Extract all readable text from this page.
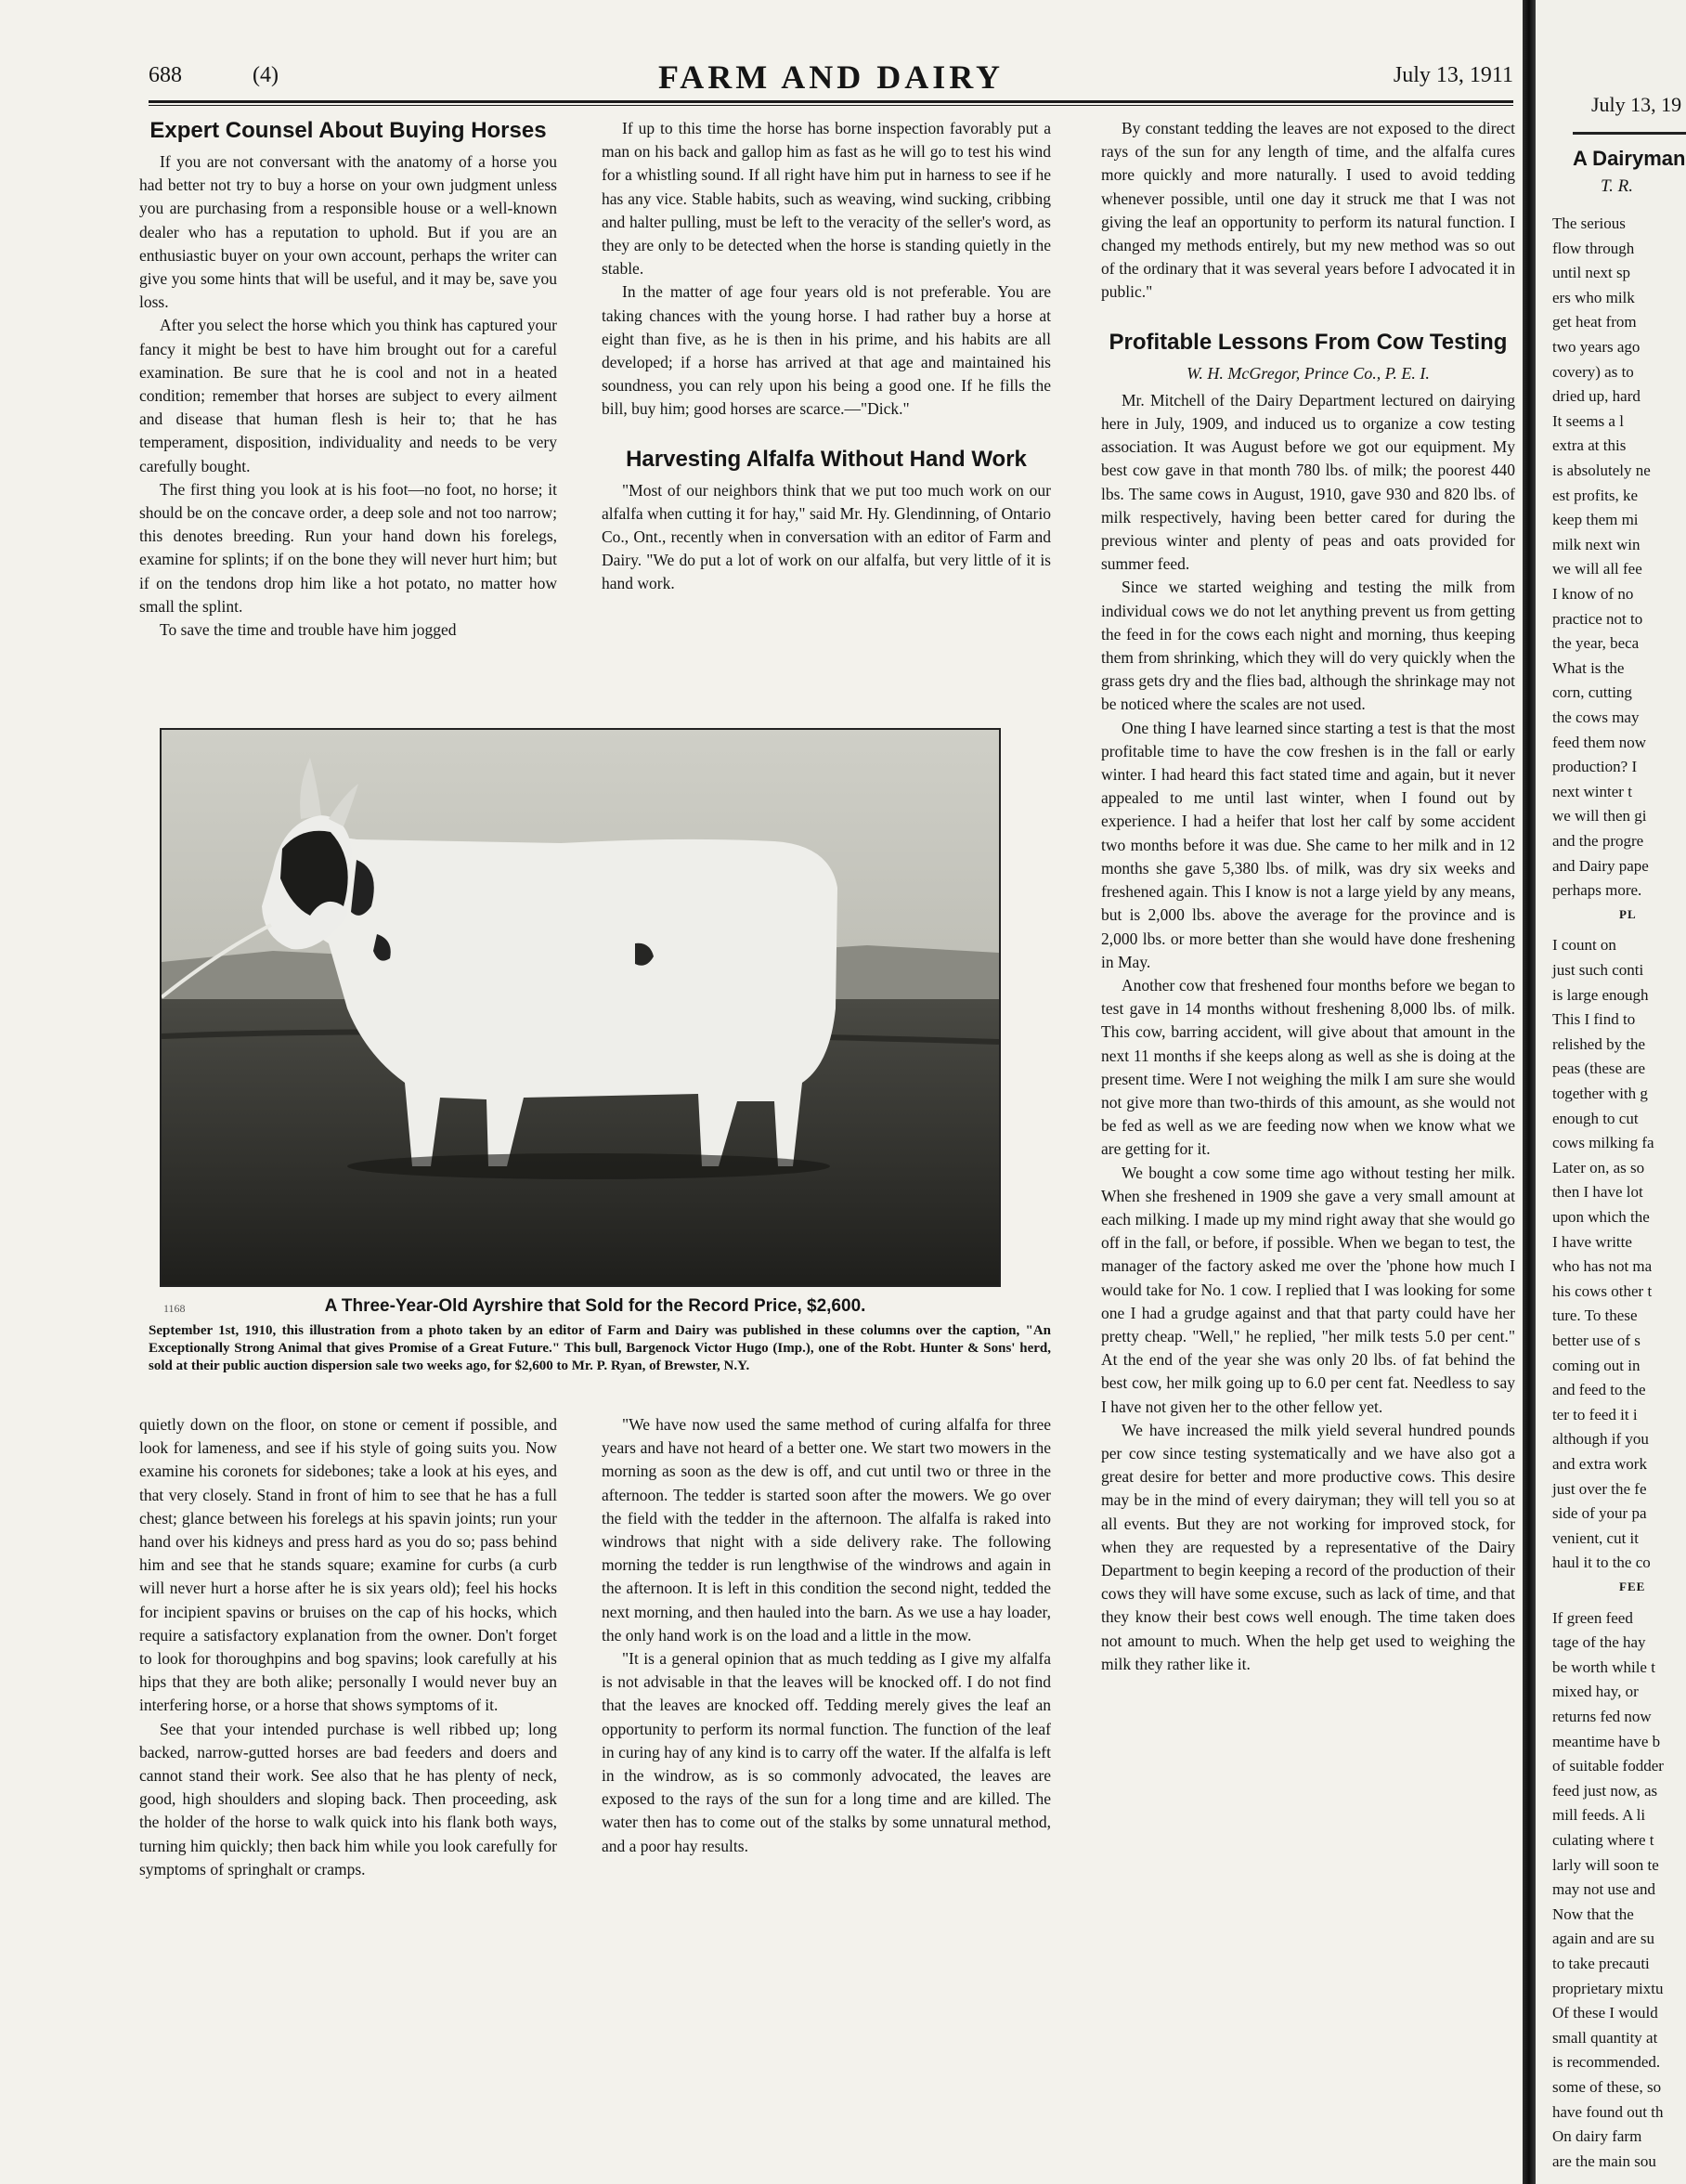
688	(4)	FARM AND DAIRY	July 13, 1911
Expert Counsel About Buying Horses

If you are not conversant with the anatomy of a horse you had better not try to buy a horse on your own judgment unless you are purchasing from a responsible house or a well-known dealer who has a reputation to uphold. But if you are an enthusiastic buyer on your own account, perhaps the writer can give you some hints that will be useful, and it may be, save you loss.

After you select the horse which you think has captured your fancy it might be best to have him brought out for a careful examination. Be sure that he is cool and not in a heated condition; remember that horses are subject to every ailment and disease that human flesh is heir to; that he has temperament, disposition, individuality and needs to be very carefully bought.

The first thing you look at is his foot—no foot, no horse; it should be on the concave order, a deep sole and not too narrow; this denotes breeding. Run your hand down his forelegs, examine for splints; if on the bone they will never hurt him; but if on the tendons drop him like a hot potato, no matter how small the splint.

To save the time and trouble have him jogged

If up to this time the horse has borne inspection favorably put a man on his back and gallop him as fast as he will go to test his wind for a whistling sound. If all right have him put in harness to see if he has any vice. Stable habits, such as weaving, wind sucking, cribbing and halter pulling, must be left to the veracity of the seller's word, as they are only to be detected when the horse is standing quietly in the stable.

In the matter of age four years old is not preferable. You are taking chances with the young horse. I had rather buy a horse at eight than five, as he is then in his prime, and his habits are all developed; if a horse has arrived at that age and maintained his soundness, you can rely upon his being a good one. If he fills the bill, buy him; good horses are scarce.—"Dick."

Harvesting Alfalfa Without Hand Work

"Most of our neighbors think that we put too much work on our alfalfa when cutting it for hay," said Mr. Hy. Glendinning, of Ontario Co., Ont., recently when in conversation with an editor of Farm and Dairy. "We do put a lot of work on our alfalfa, but very little of it is hand work.

By constant tedding the leaves are not exposed to the direct rays of the sun for any length of time, and the alfalfa cures more quickly and more naturally. I used to avoid tedding whenever possible, until one day it struck me that I was not giving the leaf an opportunity to perform its natural function. I changed my methods entirely, but my new method was so out of the ordinary that it was several years before I advocated it in public."

Profitable Lessons From Cow Testing
W. H. McGregor, Prince Co., P. E. I.

Mr. Mitchell of the Dairy Department lectured on dairying here in July, 1909, and induced us to organize a cow testing association. It was August before we got our equipment. My best cow gave in that month 780 lbs. of milk; the poorest 440 lbs. The same cows in August, 1910, gave 930 and 820 lbs. of milk respectively, having been better cared for during the previous winter and plenty of peas and oats provided for summer feed.

Since we started weighing and testing the milk from individual cows we do not let anything prevent us from getting the feed in for the cows each night and morning, thus keeping them from shrinking, which they will do very quickly when the grass gets dry and the flies bad, although the shrinkage may not be noticed where the scales are not used.

One thing I have learned since starting a test is that the most profitable time to have the cow freshen is in the fall or early winter. I had heard this fact stated time and again, but it never appealed to me until last winter, when I found out by experience. I had a heifer that lost her calf by some accident two months before it was due. She came to her milk and in 12 months she gave 5,380 lbs. of milk, was dry six weeks and freshened again. This I know is not a large yield by any means, but is 2,000 lbs. above the average for the province and is 2,000 lbs. or more better than she would have done freshening in May.

Another cow that freshened four months before we began to test gave in 14 months without freshening 8,000 lbs. of milk. This cow, barring accident, will give about that amount in the next 11 months if she keeps along as well as she is doing at the present time. Were I not weighing the milk I am sure she would not give more than two-thirds of this amount, as she would not be fed as well as we are feeding now when we know what we are getting for it.

We bought a cow some time ago without testing her milk. When she freshened in 1909 she gave a very small amount at each milking. I made up my mind right away that she would go off in the fall, or before, if possible. When we began to test, the manager of the factory asked me over the 'phone how much I would take for No. 1 cow. I replied that I was looking for some one I had a grudge against and that that party could have her pretty cheap. "Well," he replied, "her milk tests 5.0 per cent." At the end of the year she was only 20 lbs. of fat behind the best cow, her milk going up to 6.0 per cent fat. Needless to say I have not given her to the other fellow yet.

We have increased the milk yield several hundred pounds per cow since testing systematically and we have also got a great desire for better and more productive cows. This desire may be in the mind of every dairyman; they will tell you so at all events. But they are not working for improved stock, for when they are requested by a representative of the Dairy Department to begin keeping a record of the production of their cows they will have some excuse, such as lack of time, and that they know their best cows well enough. The time taken does not amount to much. When the help get used to weighing the milk they rather like it.

1168	A Three-Year-Old Ayrshire that Sold for the Record Price, $2,600.
September 1st, 1910, this illustration from a photo taken by an editor of Farm and Dairy was published in these columns over the caption, "An Exceptionally Strong Animal that gives Promise of a Great Future." This bull, Bargenock Victor Hugo (Imp.), one of the Robt. Hunter & Sons' herd, sold at their public auction dispersion sale two weeks ago, for $2,600 to Mr. P. Ryan, of Brewster, N.Y.

quietly down on the floor, on stone or cement if possible, and look for lameness, and see if his style of going suits you. Now examine his coronets for sidebones; take a look at his eyes, and that very closely. Stand in front of him to see that he has a full chest; glance between his forelegs at his spavin joints; run your hand over his kidneys and press hard as you do so; pass behind him and see that he stands square; examine for curbs (a curb will never hurt a horse after he is six years old); feel his hocks for incipient spavins or bruises on the cap of his hocks, which require a satisfactory explanation from the owner. Don't forget to look for thoroughpins and bog spavins; look carefully at his hips that they are both alike; personally I would never buy an interfering horse, or a horse that shows symptoms of it.

See that your intended purchase is well ribbed up; long backed, narrow-gutted horses are bad feeders and doers and cannot stand their work. See also that he has plenty of neck, good, high shoulders and sloping back. Then proceeding, ask the holder of the horse to walk quick into his flank both ways, turning him quickly; then back him while you look carefully for symptoms of springhalt or cramps.

"We have now used the same method of curing alfalfa for three years and have not heard of a better one. We start two mowers in the morning as soon as the dew is off, and cut until two or three in the afternoon. The tedder is started soon after the mowers. We go over the field with the tedder in the afternoon. The alfalfa is raked into windrows that night with a side delivery rake. The following morning the tedder is run lengthwise of the windrows and again in the afternoon. It is left in this condition the second night, tedded the next morning, and then hauled into the barn. As we use a hay loader, the only hand work is on the load and a little in the mow.

"It is a general opinion that as much tedding as I give my alfalfa is not advisable in that the leaves will be knocked off. I do not find that the leaves are knocked off. Tedding merely gives the leaf an opportunity to perform its normal function. The function of the leaf in curing hay of any kind is to carry off the water. If the alfalfa is left in the windrow, as is so commonly advocated, the leaves are exposed to the rays of the sun for a long time and are killed. The water then has to come out of the stalks by some unnatural method, and a poor hay results.

July 13, 19
A Dairyman
T. R.
The serious
flow through
until next sp
ers who milk
get heat from
two years ago
covery) as to
dried up, hard
It seems a l
extra at this
is absolutely ne
est profits, ke
keep them mi
milk next win
we will all fee
I know of no
practice not to
the year, beca
What is the
corn, cutting
the cows may
feed them now
production? I
next winter t
we will then gi
and the progre
and Dairy pape
perhaps more.
PL
I count on
just such conti
is large enough
This I find to
relished by the
peas (these are
together with g
enough to cut
cows milking fa
Later on, as so
then I have lot
upon which the
I have writte
who has not ma
his cows other t
ture. To these
better use of s
coming out in
and feed to the
ter to feed it i
although if you
and extra work
just over the fe
side of your pa
venient, cut it
haul it to the co
FEE
If green feed
tage of the hay
be worth while t
mixed hay, or
returns fed now
meantime have b
of suitable fodder
feed just now, as
mill feeds. A li
culating where t
larly will soon te
may not use and
Now that the
again and are su
to take precauti
proprietary mixtu
Of these I would
small quantity at
is recommended.
some of these, so
have found out th
On dairy farm
are the main sou
